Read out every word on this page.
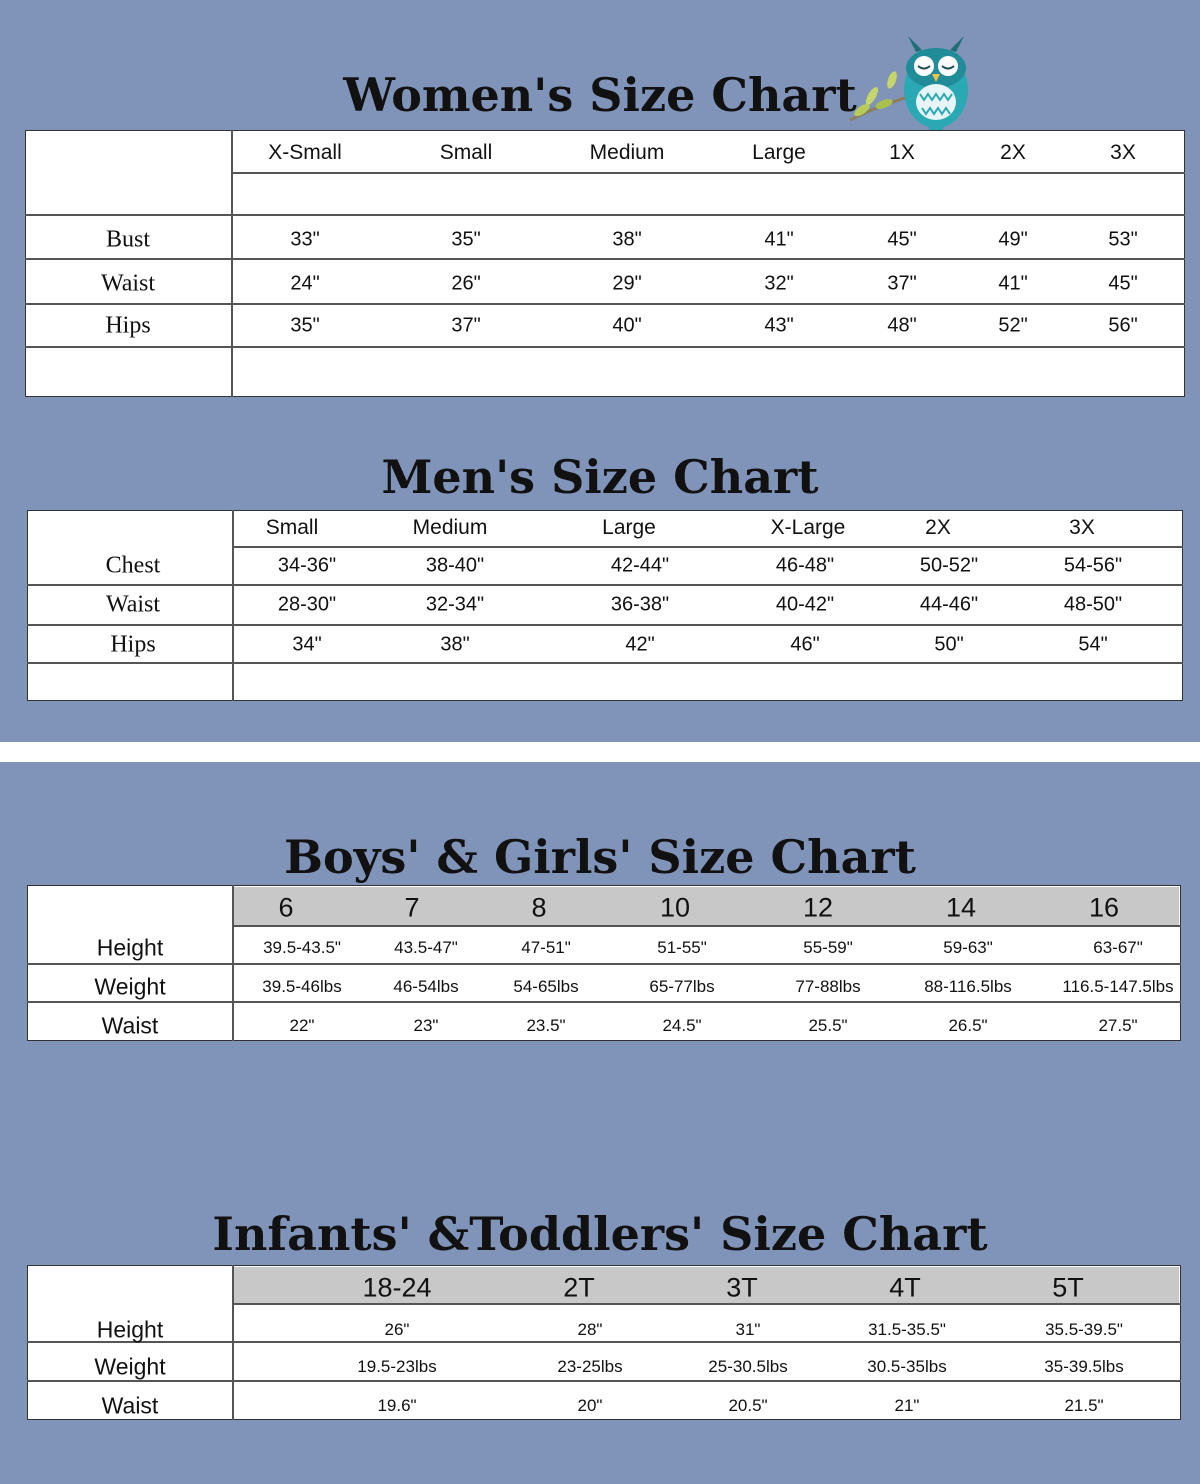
Women's Size Chart
Men's Size Chart
Boys' & Girls' Size Chart
Infants' &Toddlers' Size Chart
X-Small	Small	Medium	Large	1X	2X	3X
Bust	33"	35"	38"	41"	45"	49"	53"
Waist	24"	26"	29"	32"	37"	41"	45"
Hips	35"	37"	40"	43"	48"	52"	56"
Small	Medium	Large	X-Large	2X	3X
Chest	34-36"	38-40"	42-44"	46-48"	50-52"	54-56"
Waist	28-30"	32-34"	36-38"	40-42"	44-46"	48-50"
Hips	34"	38"	42"	46"	50"	54"
6	7	8	10	12	14	16
Height	39.5-43.5"	43.5-47"	47-51"	51-55"	55-59"	59-63"	63-67"
Weight	39.5-46lbs	46-54lbs	54-65lbs	65-77lbs	77-88lbs	88-116.5lbs	116.5-147.5lbs
Waist	22"	23"	23.5"	24.5"	25.5"	26.5"	27.5"
18-24	2T	3T	4T	5T
Height	26"	28"	31"	31.5-35.5"	35.5-39.5"
Weight	19.5-23lbs	23-25lbs	25-30.5lbs	30.5-35lbs	35-39.5lbs
Waist	19.6"	20"	20.5"	21"	21.5"
